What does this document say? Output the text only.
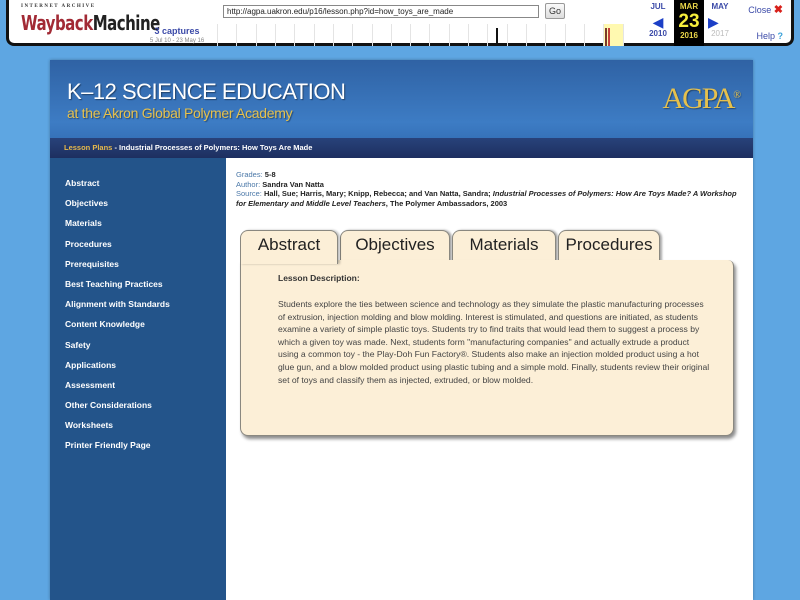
INTERNET ARCHIVE
WaybackMachine
3 captures
5 Jul 10 - 23 May 16
http://agpa.uakron.edu/p16/lesson.php?id=how_toys_are_made	Go	JUL
◀
2010
MAR
23
2016
MAY
▶
2017
Close ✖
Help ?
K–12 SCIENCE EDUCATION
at the Akron Global Polymer Academy	AGPA®
Lesson Plans - Industrial Processes of Polymers: How Toys Are Made
Abstract
Objectives
Materials
Procedures
Prerequisites
Best Teaching Practices
Alignment with Standards
Content Knowledge
Safety
Applications
Assessment
Other Considerations
Worksheets
Printer Friendly Page
Grades: 5-8
Author: Sandra Van Natta
Source: Hall, Sue; Harris, Mary; Knipp, Rebecca; and Van Natta, Sandra; Industrial Processes of Polymers: How Are Toys Made? A Workshop for Elementary and Middle Level Teachers, The Polymer Ambassadors, 2003
Objectives	Materials	Procedures
Lesson Description:

Students explore the ties between science and technology as they simulate the plastic manufacturing processes of extrusion, injection molding and blow molding. Interest is stimulated, and questions are initiated, as students examine a variety of simple plastic toys. Students try to find traits that would lead them to suggest a process by which a given toy was made. Next, students form "manufacturing companies" and actually extrude a product using a common toy - the Play-Doh Fun Factory®. Students also make an injection molded product using a hot glue gun, and a blow molded product using plastic tubing and a simple mold. Finally, students review their original set of toys and classify them as injected, extruded, or blow molded.

Abstract
